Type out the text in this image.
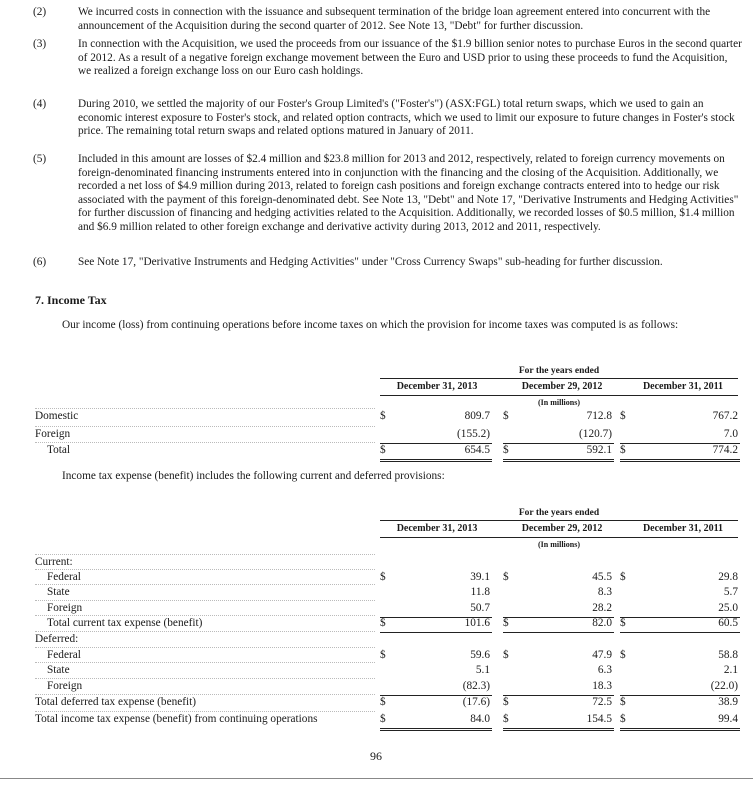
(2)	We incurred costs in connection with the issuance and subsequent termination of the bridge loan agreement entered into concurrent with the announcement of the Acquisition during the second quarter of 2012. See Note 13, "Debt" for further discussion.
(3)	In connection with the Acquisition, we used the proceeds from our issuance of the $1.9 billion senior notes to purchase Euros in the second quarter of 2012. As a result of a negative foreign exchange movement between the Euro and USD prior to using these proceeds to fund the Acquisition, we realized a foreign exchange loss on our Euro cash holdings.
(4)	During 2010, we settled the majority of our Foster's Group Limited's ("Foster's") (ASX:FGL) total return swaps, which we used to gain an economic interest exposure to Foster's stock, and related option contracts, which we used to limit our exposure to future changes in Foster's stock price. The remaining total return swaps and related options matured in January of 2011.
(5)	Included in this amount are losses of $2.4 million and $23.8 million for 2013 and 2012, respectively, related to foreign currency movements on foreign-denominated financing instruments entered into in conjunction with the financing and the closing of the Acquisition. Additionally, we recorded a net loss of $4.9 million during 2013, related to foreign cash positions and foreign exchange contracts entered into to hedge our risk associated with the payment of this foreign-denominated debt. See Note 13, "Debt" and Note 17, "Derivative Instruments and Hedging Activities" for further discussion of financing and hedging activities related to the Acquisition. Additionally, we recorded losses of $0.5 million, $1.4 million and $6.9 million related to other foreign exchange and derivative activity during 2013, 2012 and 2011, respectively.
(6)	See Note 17, "Derivative Instruments and Hedging Activities" under "Cross Currency Swaps" sub-heading for further discussion.
7. Income Tax
Our income (loss) from continuing operations before income taxes on which the provision for income taxes was computed is as follows:
For the years ended
December 31, 2013	December 29, 2012	December 31, 2011
(In millions)
Domestic	$	809.7 $	712.8 $	767.2
Foreign	(155.2)	(120.7)	7.0
Total	$	654.5 $	592.1 $	774.2
Income tax expense (benefit) includes the following current and deferred provisions:
For the years ended
December 31, 2013	December 29, 2012	December 31, 2011
(In millions)
Current:
Federal	$	39.1 $	45.5 $	29.8
State	11.8	8.3	5.7
Foreign	50.7	28.2	25.0
Total current tax expense (benefit)	$	101.6 $	82.0 $	60.5
Deferred:
Federal	$	59.6 $	47.9 $	58.8
State	5.1	6.3	2.1
Foreign	(82.3)	18.3	(22.0)
Total deferred tax expense (benefit)	$	(17.6) $	72.5 $	38.9
Total income tax expense (benefit) from continuing operations	$	84.0 $	154.5 $	99.4
96
